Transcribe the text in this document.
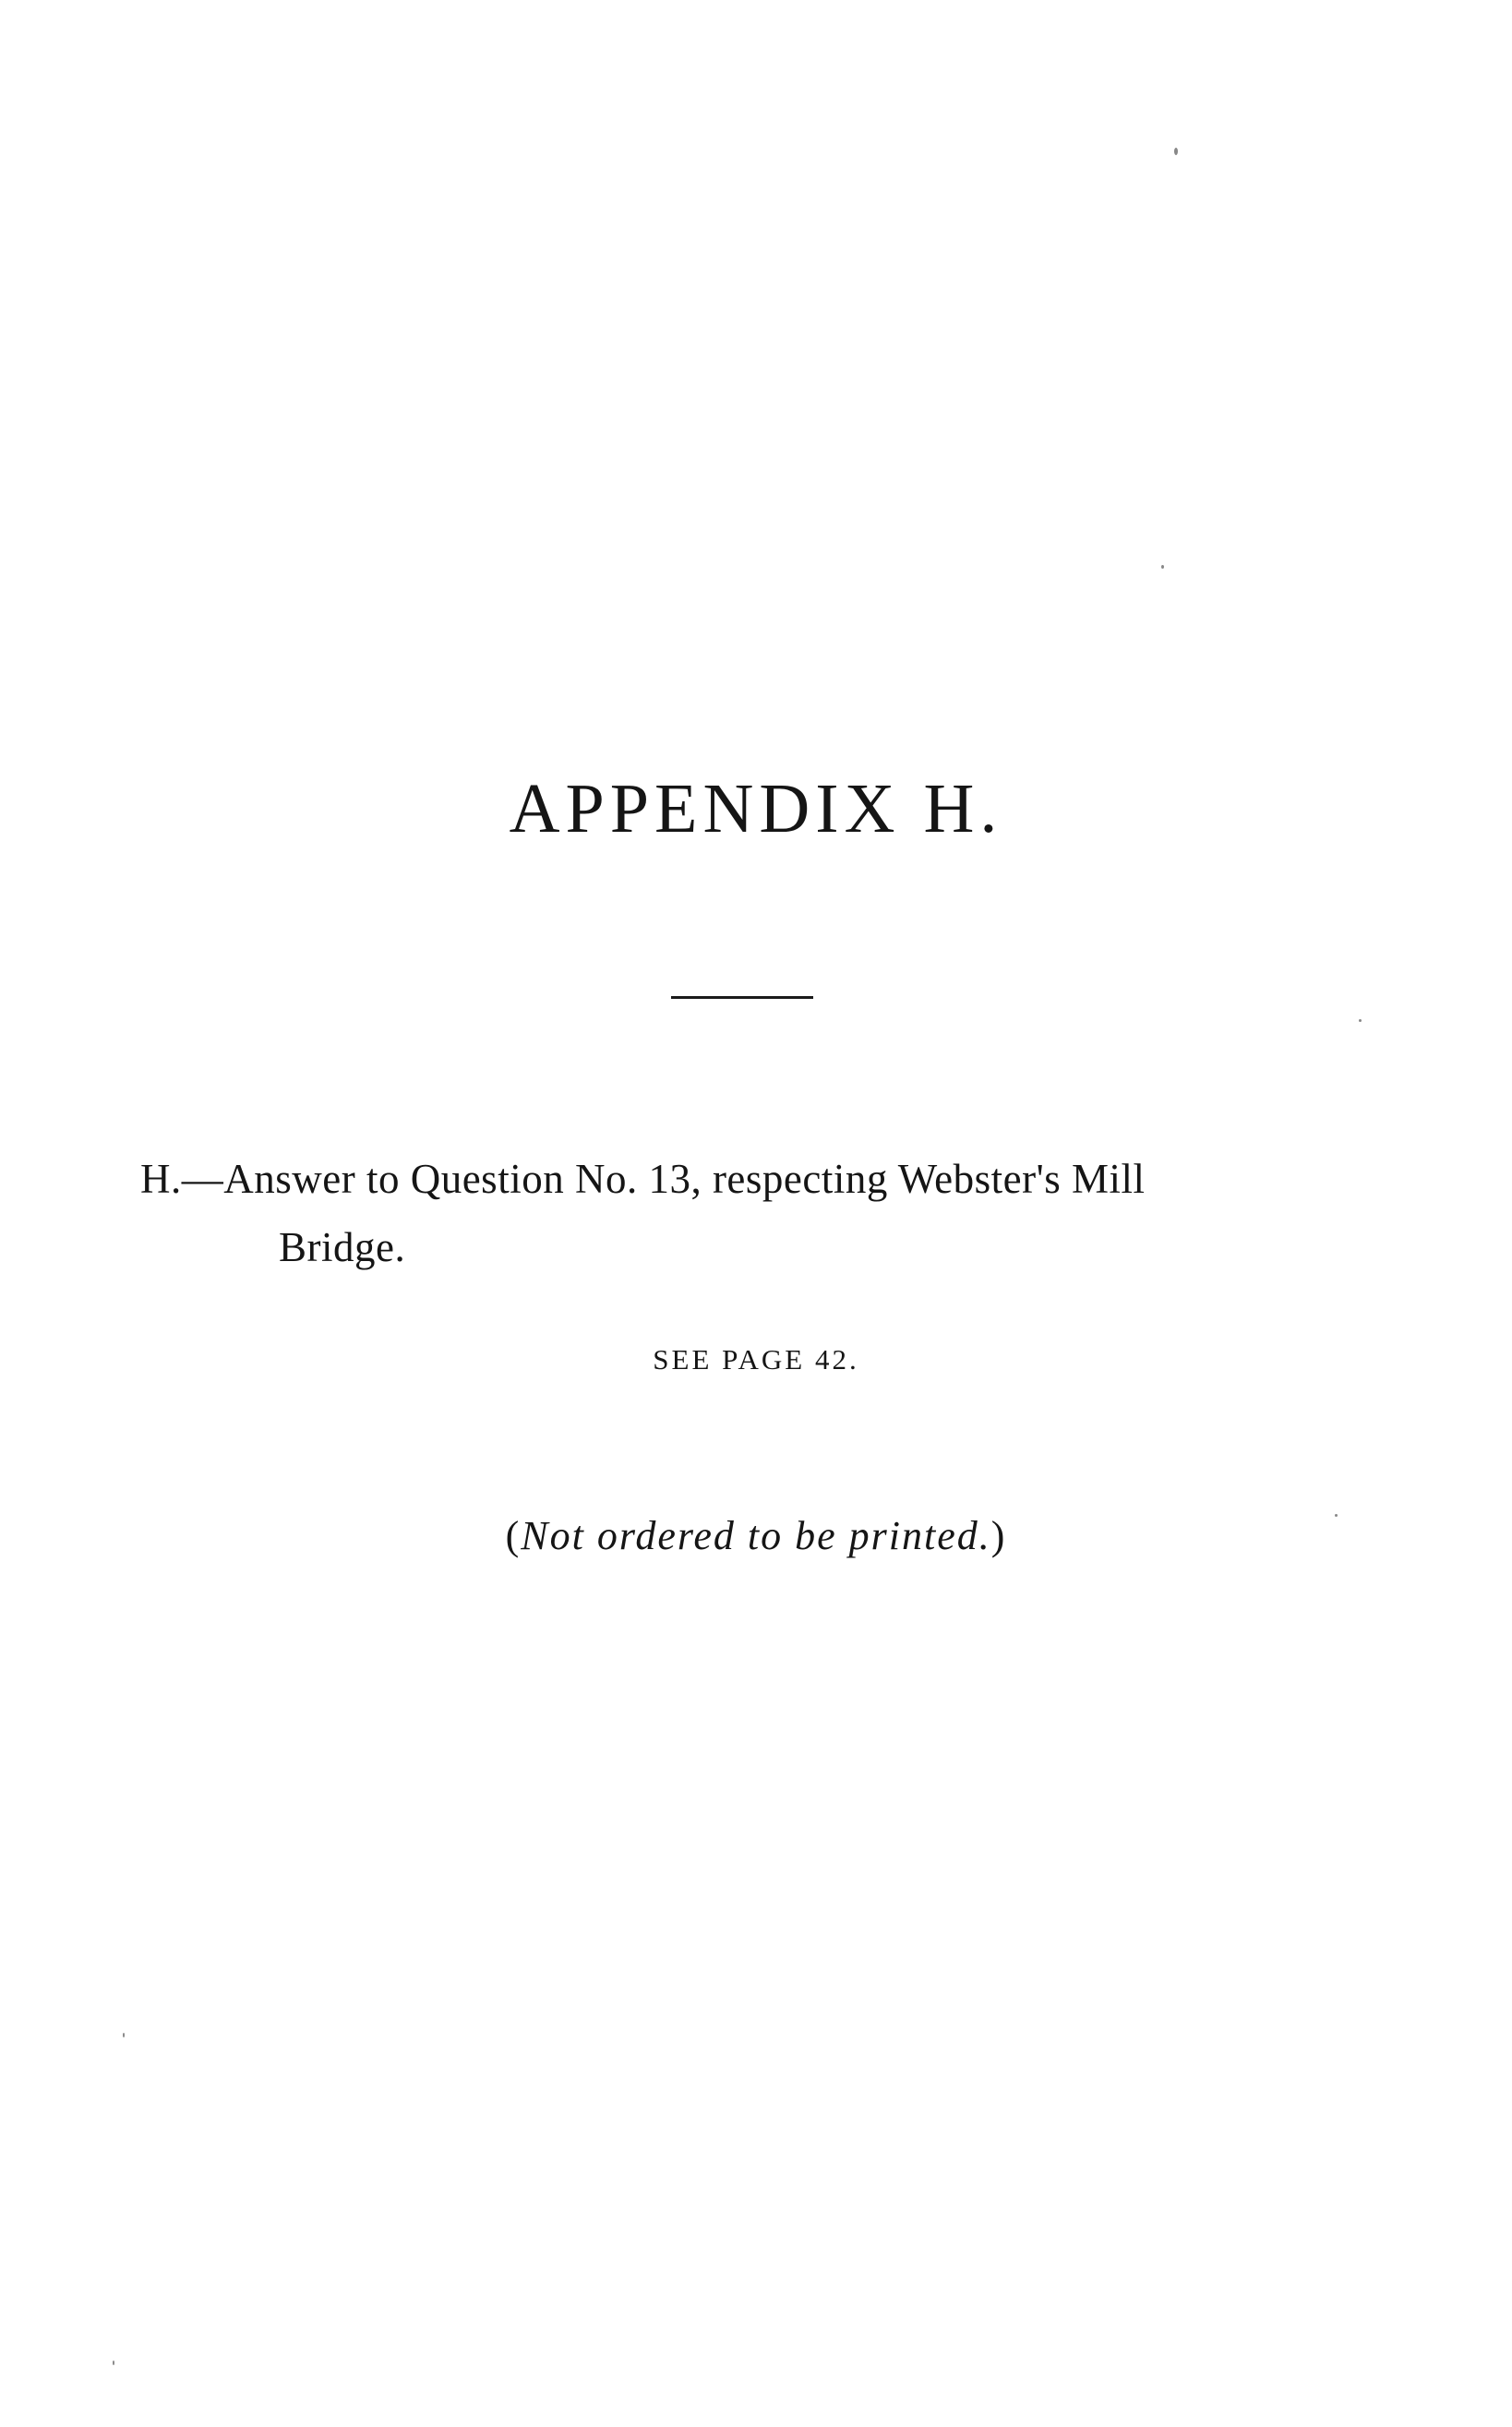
APPENDIX H.

H.—Answer to Question No. 13, respecting Webster's Mill
Bridge.

SEE PAGE 42.

(Not ordered to be printed.)
